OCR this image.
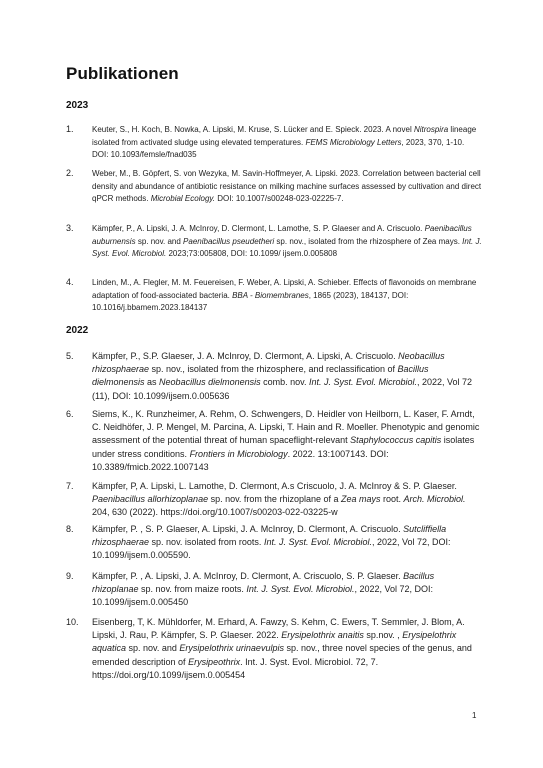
Publikationen
2023
1.	Keuter, S., H. Koch, B. Nowka, A. Lipski, M. Kruse, S. Lücker and E. Spieck. 2023. A novel Nitrospira lineage isolated from activated sludge using elevated temperatures. FEMS Microbiology Letters, 2023, 370, 1-10. DOI: 10.1093/femsle/fnad035
2.	Weber, M., B. Göpfert, S. von Wezyka, M. Savin-Hoffmeyer, A. Lipski. 2023. Correlation between bacterial cell density and abundance of antibiotic resistance on milking machine surfaces assessed by cultivation and direct qPCR methods. Microbial Ecology. DOI: 10.1007/s00248-023-02225-7.
3.	Kämpfer, P., A. Lipski, J. A. McInroy, D. Clermont, L. Lamothe, S. P. Glaeser and A. Criscuolo. Paenibacillus auburnensis sp. nov. and Paenibacillus pseudetheri sp. nov., isolated from the rhizosphere of Zea mays. Int. J. Syst. Evol. Microbiol. 2023;73:005808, DOI: 10.1099/ ijsem.0.005808
4.	Linden, M., A. Flegler, M. M. Feuereisen, F. Weber, A. Lipski, A. Schieber. Effects of flavonoids on membrane adaptation of food-associated bacteria. BBA - Biomembranes, 1865 (2023), 184137, DOI: 10.1016/j.bbamem.2023.184137
2022
5.	Kämpfer, P., S.P. Glaeser, J. A. McInroy, D. Clermont, A. Lipski, A. Criscuolo. Neobacillus rhizosphaerae sp. nov., isolated from the rhizosphere, and reclassification of Bacillus dielmonensis as Neobacillus dielmonensis comb. nov. Int. J. Syst. Evol. Microbiol., 2022, Vol 72 (11), DOI: 10.1099/ijsem.0.005636
6.	Siems, K., K. Runzheimer, A. Rehm, O. Schwengers, D. Heidler von Heilborn, L. Kaser, F. Arndt, C. Neidhöfer, J. P. Mengel, M. Parcina, A. Lipski, T. Hain and R. Moeller. Phenotypic and genomic assessment of the potential threat of human spaceflight-relevant Staphylococcus capitis isolates under stress conditions. Frontiers in Microbiology. 2022. 13:1007143. DOI: 10.3389/fmicb.2022.1007143
7.	Kämpfer, P, A. Lipski, L. Lamothe, D. Clermont, A.s Criscuolo, J. A. McInroy & S. P. Glaeser. Paenibacillus allorhizoplanae sp. nov. from the rhizoplane of a Zea mays root. Arch. Microbiol. 204, 630 (2022). https://doi.org/10.1007/s00203-022-03225-w
8.	Kämpfer, P. , S. P. Glaeser, A. Lipski, J. A. McInroy, D. Clermont, A. Criscuolo. Sutcliffiella rhizosphaerae sp. nov. isolated from roots. Int. J. Syst. Evol. Microbiol., 2022, Vol 72, DOI: 10.1099/ijsem.0.005590.
9.	Kämpfer, P. , A. Lipski, J. A. McInroy, D. Clermont, A. Criscuolo, S. P. Glaeser. Bacillus rhizoplanae sp. nov. from maize roots. Int. J. Syst. Evol. Microbiol., 2022, Vol 72, DOI: 10.1099/ijsem.0.005450
10.	Eisenberg, T, K. Mühldorfer, M. Erhard, A. Fawzy, S. Kehm, C. Ewers, T. Semmler, J. Blom, A. Lipski, J. Rau, P. Kämpfer, S. P. Glaeser. 2022. Erysipelothrix anaitis sp.nov. , Erysipelothrix aquatica sp. nov. and Erysipelothrix urinaevulpis sp. nov., three novel species of the genus, and emended description of Erysipeothrix. Int. J. Syst. Evol. Microbiol. 72, 7. https://doi.org/10.1099/ijsem.0.005454
1
